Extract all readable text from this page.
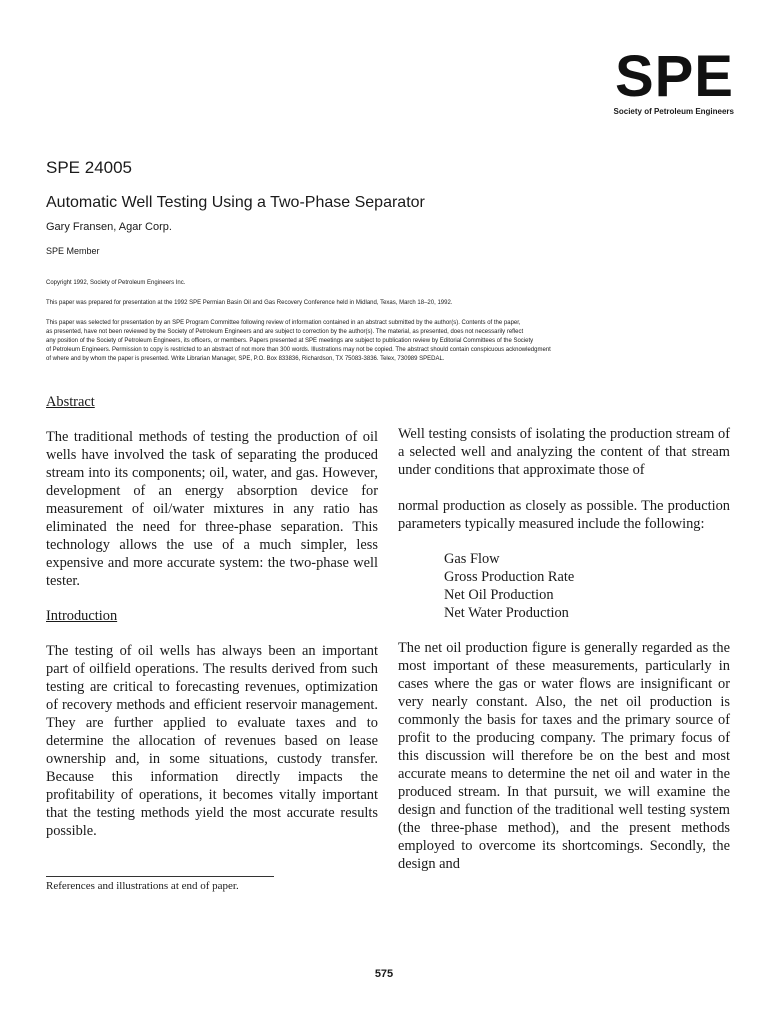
SPE
Society of Petroleum Engineers
SPE 24005
Automatic Well Testing Using a Two-Phase Separator
Gary Fransen, Agar Corp.
SPE Member
Copyright 1992, Society of Petroleum Engineers Inc.
This paper was prepared for presentation at the 1992 SPE Permian Basin Oil and Gas Recovery Conference held in Midland, Texas, March 18–20, 1992.
This paper was selected for presentation by an SPE Program Committee following review of information contained in an abstract submitted by the author(s). Contents of the paper,
as presented, have not been reviewed by the Society of Petroleum Engineers and are subject to correction by the author(s). The material, as presented, does not necessarily reflect
any position of the Society of Petroleum Engineers, its officers, or members. Papers presented at SPE meetings are subject to publication review by Editorial Committees of the Society
of Petroleum Engineers. Permission to copy is restricted to an abstract of not more than 300 words. Illustrations may not be copied. The abstract should contain conspicuous acknowledgment
of where and by whom the paper is presented. Write Librarian Manager, SPE, P.O. Box 833836, Richardson, TX 75083-3836. Telex, 730989 SPEDAL.
Abstract

The traditional methods of testing the production of oil wells have involved the task of separating the produced stream into its components; oil, water, and gas. However, development of an energy absorption device for measurement of oil/water mixtures in any ratio has eliminated the need for three-phase separation. This technology allows the use of a much simpler, less expensive and more accurate system: the two-phase well tester.

Introduction

The testing of oil wells has always been an important part of oilfield operations. The results derived from such testing are critical to forecasting revenues, optimization of recovery methods and efficient reservoir management. They are further applied to evaluate taxes and to determine the allocation of revenues based on lease ownership and, in some situations, custody transfer. Because this information directly impacts the profitability of operations, it becomes vitally important that the testing methods yield the most accurate results possible.

Well testing consists of isolating the production stream of a selected well and analyzing the content of that stream under conditions that approximate those of

normal production as closely as possible. The production parameters typically measured include the following:

Gas Flow
Gross Production Rate
Net Oil Production
Net Water Production

The net oil production figure is generally regarded as the most important of these measurements, particularly in cases where the gas or water flows are insignificant or very nearly constant. Also, the net oil production is commonly the basis for taxes and the primary source of profit to the producing company. The primary focus of this discussion will therefore be on the best and most accurate means to determine the net oil and water in the produced stream. In that pursuit, we will examine the design and function of the traditional well testing system (the three-phase method), and the present methods employed to overcome its shortcomings. Secondly, the design and

References and illustrations at end of paper.
575
